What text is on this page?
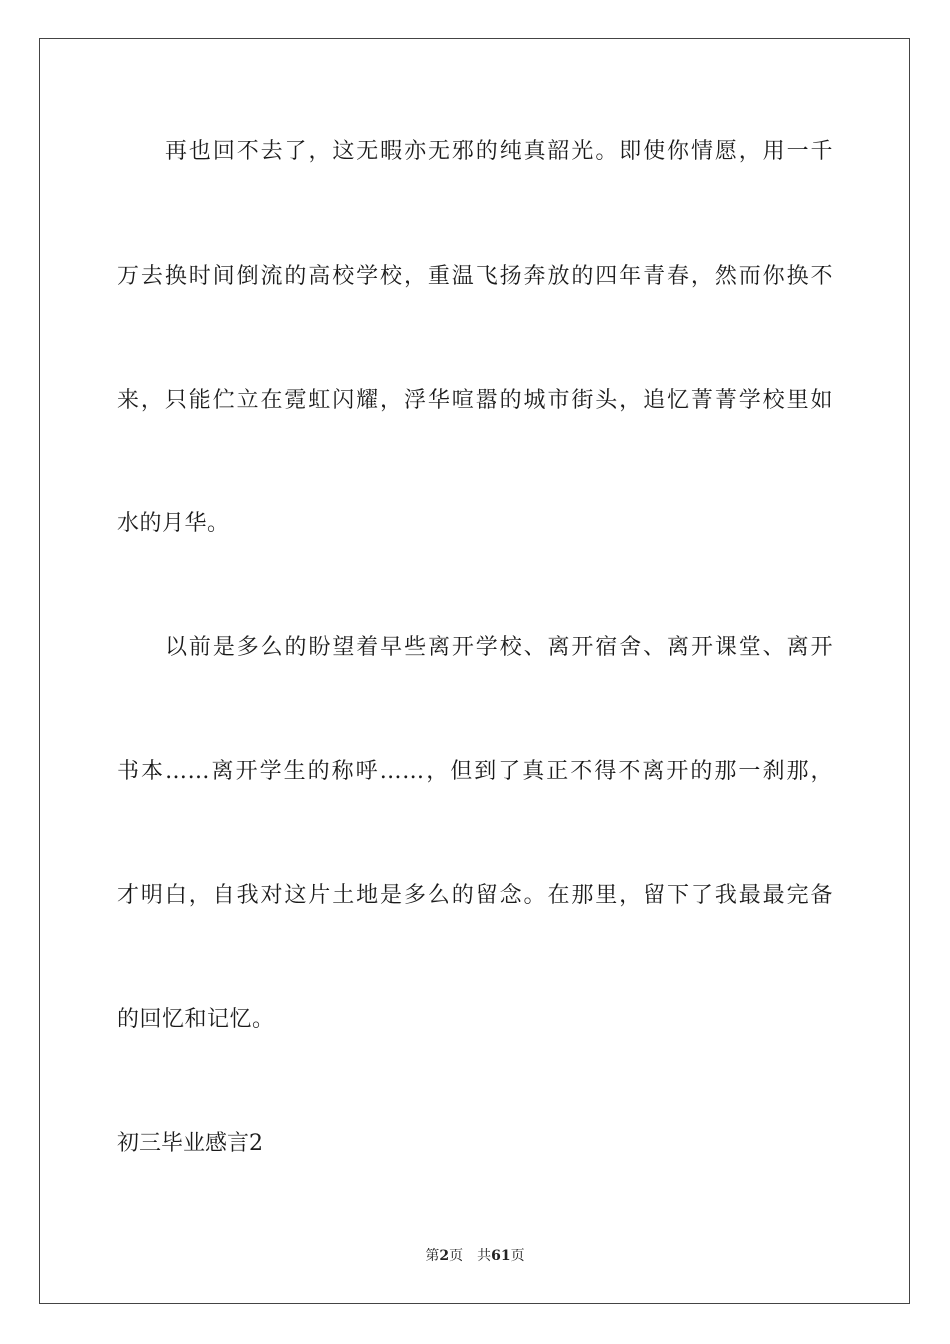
再也回不去了，这无暇亦无邪的纯真韶光。即使你情愿，用一千
万去换时间倒流的高校学校，重温飞扬奔放的四年青春，然而你换不
来，只能伫立在霓虹闪耀，浮华喧嚣的城市街头，追忆菁菁学校里如
水的月华。
以前是多么的盼望着早些离开学校、离开宿舍、离开课堂、离开
书本……离开学生的称呼……，但到了真正不得不离开的那一刹那，
才明白，自我对这片土地是多么的留念。在那里，留下了我最最完备
的回忆和记忆。
初三毕业感言2
第2页 共61页
